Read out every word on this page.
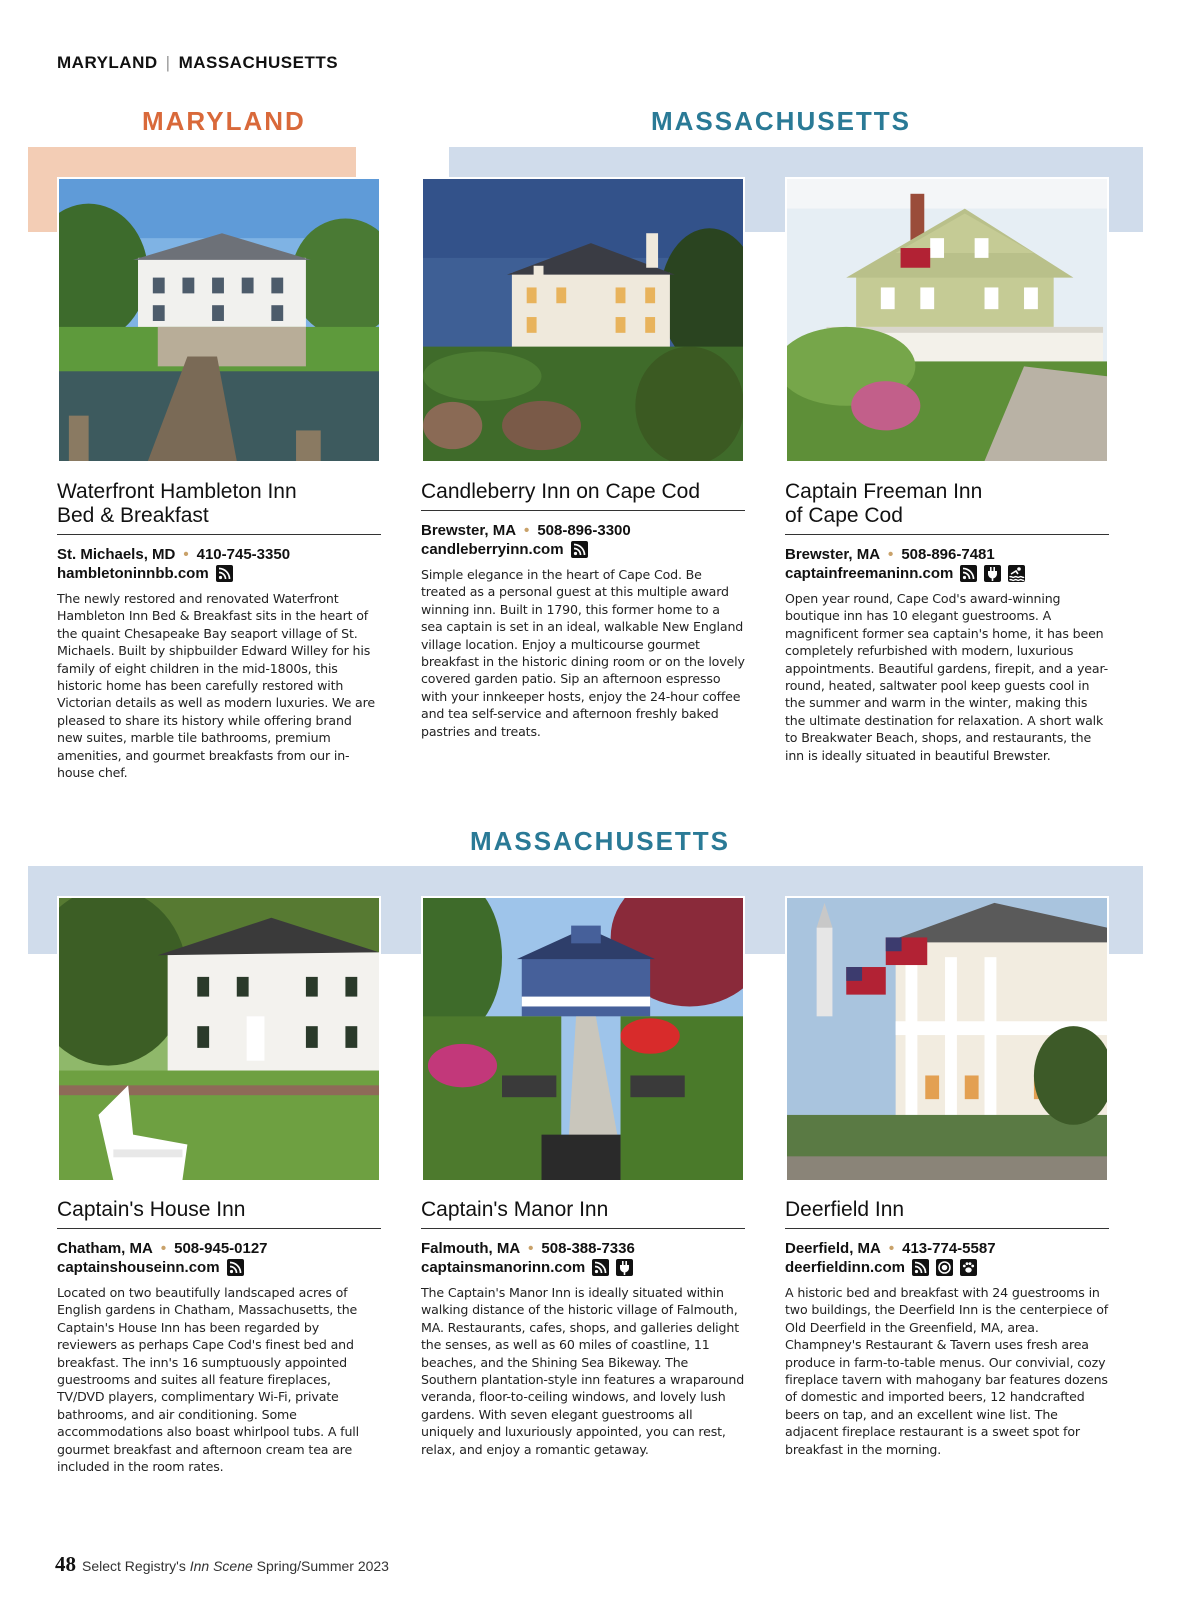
MARYLAND | MASSACHUSETTS
MARYLAND	MASSACHUSETTS
MASSACHUSETTS
Waterfront Hambleton Inn
Bed & Breakfast
St. Michaels, MD • 410-745-3350
hambletoninnbb.com
The newly restored and renovated Waterfront Hambleton Inn Bed & Breakfast sits in the heart of the quaint Chesapeake Bay seaport village of St. Michaels. Built by shipbuilder Edward Willey for his family of eight children in the mid-1800s, this historic home has been carefully restored with Victorian details as well as modern luxuries. We are pleased to share its history while offering brand new suites, marble tile bathrooms, premium amenities, and gourmet breakfasts from our in-house chef.
Candleberry Inn on Cape Cod
Brewster, MA • 508-896-3300
candleberryinn.com
Simple elegance in the heart of Cape Cod. Be treated as a personal guest at this multiple award winning inn. Built in 1790, this former home to a sea captain is set in an ideal, walkable New England village location. Enjoy a multicourse gourmet breakfast in the historic dining room or on the lovely covered garden patio. Sip an afternoon espresso with your innkeeper hosts, enjoy the 24-hour coffee and tea self-service and afternoon freshly baked pastries and treats.
Captain Freeman Inn
of Cape Cod
Brewster, MA • 508-896-7481
captainfreemaninn.com
Open year round, Cape Cod's award-winning boutique inn has 10 elegant guestrooms. A magnificent former sea captain's home, it has been completely refurbished with modern, luxurious appointments. Beautiful gardens, firepit, and a year-round, heated, saltwater pool keep guests cool in the summer and warm in the winter, making this the ultimate destination for relaxation. A short walk to Breakwater Beach, shops, and restaurants, the inn is ideally situated in beautiful Brewster.
Captain's House Inn
Chatham, MA • 508-945-0127
captainshouseinn.com
Located on two beautifully landscaped acres of English gardens in Chatham, Massachusetts, the Captain's House Inn has been regarded by reviewers as perhaps Cape Cod's finest bed and breakfast. The inn's 16 sumptuously appointed guestrooms and suites all feature fireplaces, TV/DVD players, complimentary Wi-Fi, private bathrooms, and air conditioning. Some accommodations also boast whirlpool tubs. A full gourmet breakfast and afternoon cream tea are included in the room rates.
Captain's Manor Inn
Falmouth, MA • 508-388-7336
captainsmanorinn.com
The Captain's Manor Inn is ideally situated within walking distance of the historic village of Falmouth, MA. Restaurants, cafes, shops, and galleries delight the senses, as well as 60 miles of coastline, 11 beaches, and the Shining Sea Bikeway. The Southern plantation-style inn features a wraparound veranda, floor-to-ceiling windows, and lovely lush gardens. With seven elegant guestrooms all uniquely and luxuriously appointed, you can rest, relax, and enjoy a romantic getaway.
Deerfield Inn
Deerfield, MA • 413-774-5587
deerfieldinn.com
A historic bed and breakfast with 24 guestrooms in two buildings, the Deerfield Inn is the centerpiece of Old Deerfield in the Greenfield, MA, area. Champney's Restaurant & Tavern uses fresh area produce in farm-to-table menus. Our convivial, cozy fireplace tavern with mahogany bar features dozens of domestic and imported beers, 12 handcrafted beers on tap, and an excellent wine list. The adjacent fireplace restaurant is a sweet spot for breakfast in the morning.
48 Select Registry's Inn Scene Spring/Summer 2023
